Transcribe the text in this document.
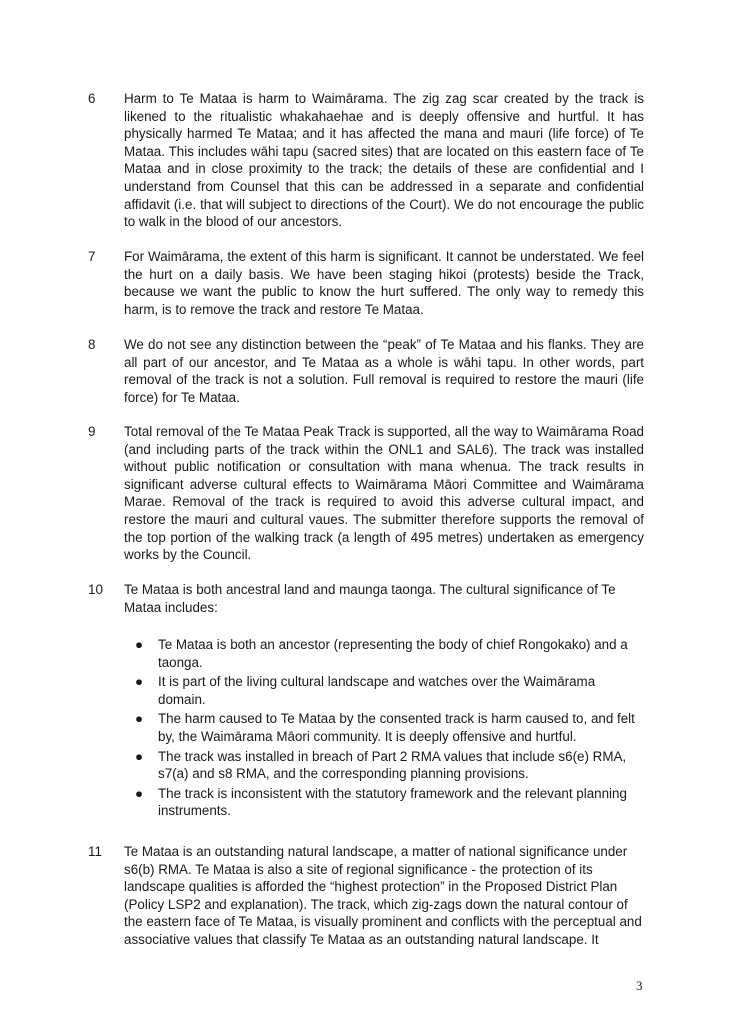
6	Harm to Te Mataa is harm to Waimārama. The zig zag scar created by the track is likened to the ritualistic whakahaehae and is deeply offensive and hurtful. It has physically harmed Te Mataa; and it has affected the mana and mauri (life force) of Te Mataa. This includes wāhi tapu (sacred sites) that are located on this eastern face of Te Mataa and in close proximity to the track; the details of these are confidential and I understand from Counsel that this can be addressed in a separate and confidential affidavit (i.e. that will subject to directions of the Court). We do not encourage the public to walk in the blood of our ancestors.
7	For Waimārama, the extent of this harm is significant. It cannot be understated. We feel the hurt on a daily basis. We have been staging hikoi (protests) beside the Track, because we want the public to know the hurt suffered. The only way to remedy this harm, is to remove the track and restore Te Mataa.
8	We do not see any distinction between the “peak” of Te Mataa and his flanks. They are all part of our ancestor, and Te Mataa as a whole is wāhi tapu. In other words, part removal of the track is not a solution. Full removal is required to restore the mauri (life force) for Te Mataa.
9	Total removal of the Te Mataa Peak Track is supported, all the way to Waimārama Road (and including parts of the track within the ONL1 and SAL6). The track was installed without public notification or consultation with mana whenua. The track results in significant adverse cultural effects to Waimārama Māori Committee and Waimārama Marae. Removal of the track is required to avoid this adverse cultural impact, and restore the mauri and cultural vaues. The submitter therefore supports the removal of the top portion of the walking track (a length of 495 metres) undertaken as emergency works by the Council.
10	Te Mataa is both ancestral land and maunga taonga. The cultural significance of Te Mataa includes:
● Te Mataa is both an ancestor (representing the body of chief Rongokako) and a taonga.
● It is part of the living cultural landscape and watches over the Waimārama domain.
● The harm caused to Te Mataa by the consented track is harm caused to, and felt by, the Waimārama Māori community. It is deeply offensive and hurtful.
● The track was installed in breach of Part 2 RMA values that include s6(e) RMA, s7(a) and s8 RMA, and the corresponding planning provisions.
● The track is inconsistent with the statutory framework and the relevant planning instruments.
11	Te Mataa is an outstanding natural landscape, a matter of national significance under s6(b) RMA. Te Mataa is also a site of regional significance - the protection of its landscape qualities is afforded the “highest protection” in the Proposed District Plan (Policy LSP2 and explanation). The track, which zig-zags down the natural contour of the eastern face of Te Mataa, is visually prominent and conflicts with the perceptual and associative values that classify Te Mataa as an outstanding natural landscape. It
3
